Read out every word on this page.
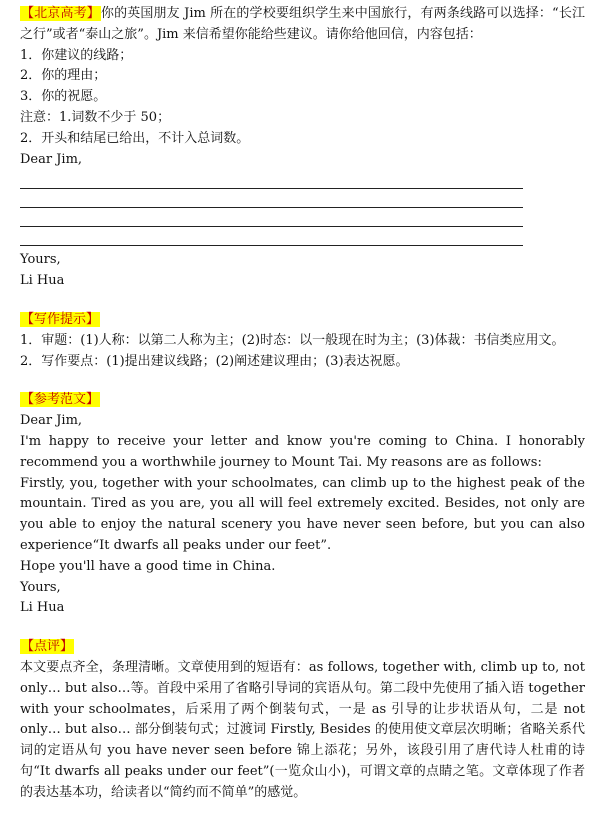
【北京高考】你的英国朋友 Jim 所在的学校要组织学生来中国旅行，有两条线路可以选择：“长江之行”或者“泰山之旅”。Jim 来信希望你能给些建议。请你给他回信，内容包括：

1．你建议的线路；

2．你的理由；

3．你的祝愿。

注意：1.词数不少于 50；

2．开头和结尾已给出，不计入总词数。

Dear Jim,

Yours,

Li Hua

【写作提示】

1．审题：(1)人称：以第二人称为主；(2)时态：以一般现在时为主；(3)体裁：书信类应用文。

2．写作要点：(1)提出建议线路；(2)阐述建议理由；(3)表达祝愿。

【参考范文】

Dear Jim,

I'm happy to receive your letter and know you're coming to China. I honorably recommend you a worthwhile journey to Mount Tai. My reasons are as follows:

Firstly, you, together with your schoolmates, can climb up to the highest peak of the mountain. Tired as you are, you all will feel extremely excited. Besides, not only are you able to enjoy the natural scenery you have never seen before, but you can also experience“It dwarfs all peaks under our feet”.

Hope you'll have a good time in China.

Yours,

Li Hua

【点评】

本文要点齐全，条理清晰。文章使用到的短语有：as follows, together with, climb up to, not only… but also…等。首段中采用了省略引导词的宾语从句。第二段中先使用了插入语 together with your schoolmates，后采用了两个倒装句式，一是 as 引导的让步状语从句，二是 not only… but also… 部分倒装句式；过渡词 Firstly, Besides 的使用使文章层次明晰；省略关系代词的定语从句 you have never seen before 锦上添花；另外，该段引用了唐代诗人杜甫的诗句“It dwarfs all peaks under our feet”(一览众山小)，可谓文章的点睛之笔。文章体现了作者的表达基本功，给读者以“简约而不简单”的感觉。
